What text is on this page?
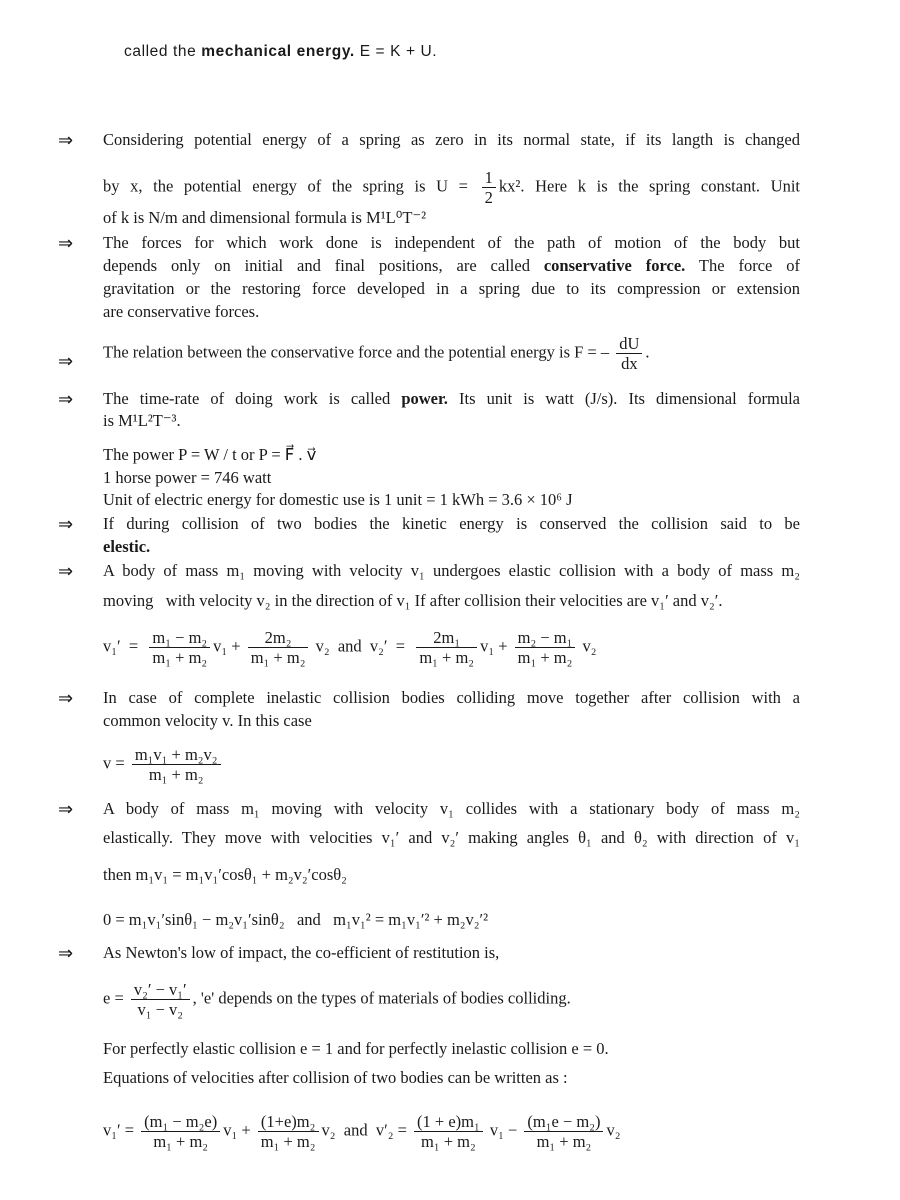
called the mechanical energy. E = K + U.
⇒ Considering potential energy of a spring as zero in its normal state, if its langth is changed
by x, the potential energy of the spring is $U = \frac{1}{2} kx^2$. Here k is the spring constant. Unit
of k is N/m and dimensional formula is M¹L⁰T⁻²
⇒ The forces for which work done is independent of the path of motion of the body but
depends only on initial and final positions, are called conservative force. The force of
gravitation or the restoring force developed in a spring due to its compression or extension
are conservative forces.
⇒ The relation between the conservative force and the potential energy is F = – $\frac{dU}{dx}$ .
⇒ The time-rate of doing work is called power. Its unit is watt (J/s). Its dimensional formula
is M¹L²T⁻³.
The power P = W / t or P = F⃗ . v⃗
1 horse power = 746 watt
Unit of electric energy for domestic use is 1 unit = 1 kWh = 3.6 × 10⁶ J
⇒ If during collision of two bodies the kinetic energy is conserved the collision said to be
elestic.
⇒ A body of mass m₁ moving with velocity v₁ undergoes elastic collision with a body of mass m₂
moving   with velocity v₂ in the direction of v₁ If after collision their velocities are v₁′ and v₂′.
$v_1' = \frac{\text{m₁ − m₂}}{\text{m₁ + m₂}} v_1 + \frac{\text{2m₂}}{\text{m₁ + m₂}} v_2$  and  $v_2' = \frac{\text{2m₁}}{\text{m₁ + m₂}} v_1 + \frac{\text{m₂ − m₁}}{\text{m₁ + m₂}} v_2$
⇒ In case of complete inelastic collision bodies colliding move together after collision with a
common velocity v. In this case
$v = \frac{\text{m₁v₁ + m₂v₂}}{\text{m₁ + m₂}}$
⇒ A body of mass m₁ moving with velocity v₁ collides with a stationary body of mass m₂
elastically. They move with velocities v₁′ and v₂′ making angles θ₁ and θ₂ with direction of v₁
then m₁v₁ = m₁v₁′cosθ₁ + m₂v₂′cosθ₂
0 = m₁v₁′sinθ₁ − m₂v₁′sinθ₂   and   m₁v₁² = m₁v₁′² + m₂v₂′²
⇒ As Newton's low of impact, the co-efficient of restitution is,
$e = \frac{\text{v₂′ − v₁′}}{\text{v₁ − v₂}}$ , 'e' depends on the types of materials of bodies colliding.
For perfectly elastic collision e = 1 and for perfectly inelastic collision e = 0.
Equations of velocities after collision of two bodies can be written as :
$v_1' = \frac{\text{(m₁ − m₂e)}}{\text{m₁ + m₂}} v_1 + \frac{\text{(1+e)m₂}}{\text{m₁ + m₂}} v_2$  and  $v'_2 = \frac{\text{(1 + e)m₁}}{\text{m₁ + m₂}} v_1 - \frac{\text{(m₁e − m₂)}}{\text{m₁ + m₂}} v_2$
